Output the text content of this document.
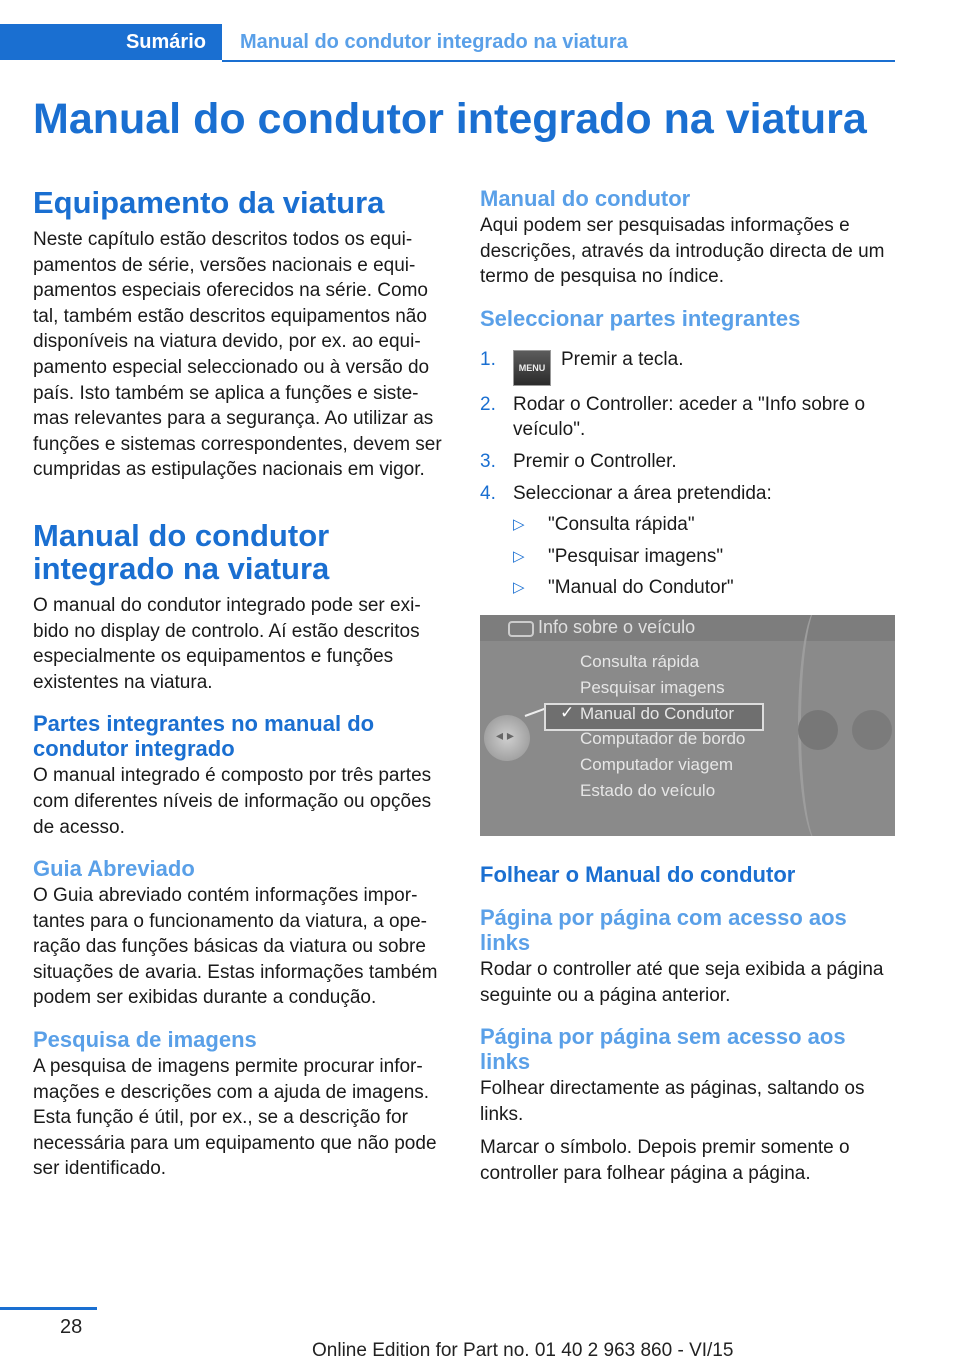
Sumário	Manual do condutor integrado na viatura
Manual do condutor integrado na viatura
Equipamento da viatura

Neste capítulo estão descritos todos os equipamentos de série, versões nacionais e equipamentos especiais oferecidos na série. Como tal, também estão descritos equipamentos não disponíveis na viatura devido, por ex. ao equipamento especial seleccionado ou à versão do país. Isto também se aplica a funções e sistemas relevantes para a segurança. Ao utilizar as funções e sistemas correspondentes, devem ser cumpridas as estipulações nacionais em vigor.

Manual do condutor integrado na viatura

O manual do condutor integrado pode ser exibido no display de controlo. Aí estão descritos especialmente os equipamentos e funções existentes na viatura.

Partes integrantes no manual do condutor integrado

O manual integrado é composto por três partes com diferentes níveis de informação ou opções de acesso.

Guia Abreviado

O Guia abreviado contém informações importantes para o funcionamento da viatura, a operação das funções básicas da viatura ou sobre situações de avaria. Estas informações também podem ser exibidas durante a condução.

Pesquisa de imagens

A pesquisa de imagens permite procurar informações e descrições com a ajuda de imagens. Esta função é útil, por ex., se a descrição for necessária para um equipamento que não pode ser identificado.

Manual do condutor

Aqui podem ser pesquisadas informações e descrições, através da introdução directa de um termo de pesquisa no índice.

Seleccionar partes integrantes
1.	MENU Premir a tecla.
2. Rodar o Controller: aceder a "Info sobre o veículo".
3. Premir o Controller.
4. Seleccionar a área pretendida:
▷ "Consulta rápida"
▷ "Pesquisar imagens"
▷ "Manual do Condutor"
Info sobre o veículo
◂ ▸
✓
Consulta rápida
Pesquisar imagens
Manual do Condutor
Computador de bordo
Computador viagem
Estado do veículo
Folhear o Manual do condutor
Página por página com acesso aos links

Rodar o controller até que seja exibida a página seguinte ou a página anterior.

Página por página sem acesso aos links

Folhear directamente as páginas, saltando os links.

Marcar o símbolo. Depois premir somente o controller para folhear página a página.

28
Online Edition for Part no. 01 40 2 963 860 - VI/15
